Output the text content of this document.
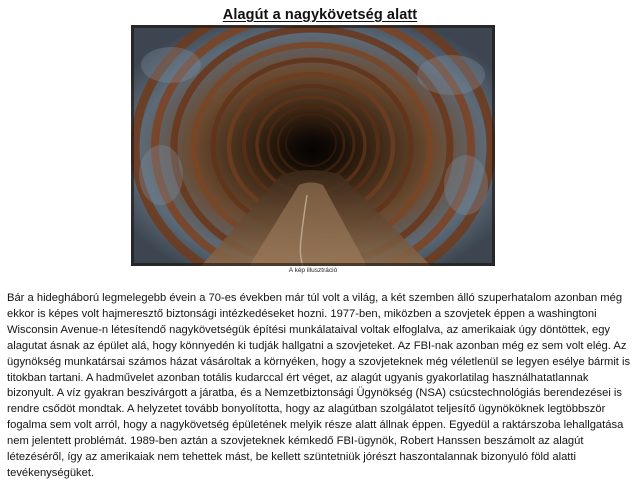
Alagút a nagykövetség alatt
A kép illusztráció
Bár a hidegháború legmelegebb évein a 70-es években már túl volt a világ, a két szemben álló szuperhatalom azonban még ekkor is képes volt hajmeresztő biztonsági intézkedéseket hozni. 1977-ben, miközben a szovjetek éppen a washingtoni Wisconsin Avenue-n létesítendő nagykövetségük építési munkálataival voltak elfoglalva, az amerikaiak úgy döntöttek, egy alagutat ásnak az épület alá, hogy könnyedén ki tudják hallgatni a szovjeteket. Az FBI-nak azonban még ez sem volt elég. Az ügynökség munkatársai számos házat vásároltak a környéken, hogy a szovjeteknek még véletlenül se legyen esélye bármit is titokban tartani. A hadművelet azonban totális kudarccal ért véget, az alagút ugyanis gyakorlatilag használhatatlannak bizonyult. A víz gyakran beszivárgott a járatba, és a Nemzetbiztonsági Ügynökség (NSA) csúcstechnológiás berendezései is rendre csődöt mondtak. A helyzetet tovább bonyolította, hogy az alagútban szolgálatot teljesítő ügynököknek legtöbbször fogalma sem volt arról, hogy a nagykövetség épületének melyik része alatt állnak éppen. Egyedül a raktárszoba lehallgatása nem jelentett problémát. 1989-ben aztán a szovjeteknek kémkedő FBI-ügynök, Robert Hanssen beszámolt az alagút létezéséről, így az amerikaiak nem tehettek mást, be kellett szüntetniük jórészt haszontalannak bizonyuló föld alatti tevékenységüket.
